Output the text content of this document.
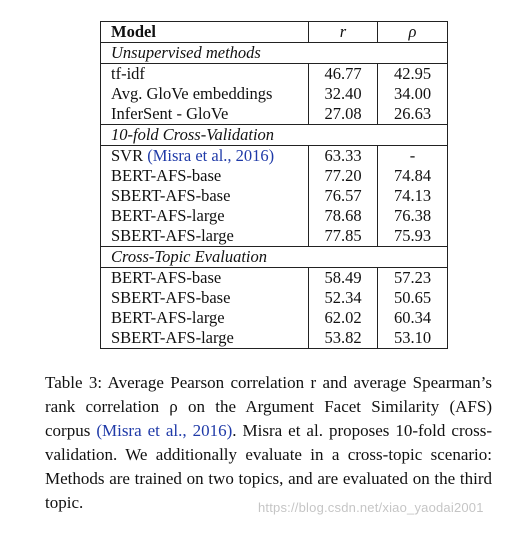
Model	r	ρ
Unsupervised methods		
tf-idf	46.77	42.95
Avg. GloVe embeddings	32.40	34.00
InferSent - GloVe	27.08	26.63
10-fold Cross-Validation		
SVR (Misra et al., 2016)	63.33	-
BERT-AFS-base	77.20	74.84
SBERT-AFS-base	76.57	74.13
BERT-AFS-large	78.68	76.38
SBERT-AFS-large	77.85	75.93
Cross-Topic Evaluation		
BERT-AFS-base	58.49	57.23
SBERT-AFS-base	52.34	50.65
BERT-AFS-large	62.02	60.34
SBERT-AFS-large	53.82	53.10
Table 3: Average Pearson correlation r and average Spearman’s rank correlation ρ on the Argument Facet Similarity (AFS) corpus (Misra et al., 2016). Misra et al. proposes 10-fold cross-validation. We additionally evaluate in a cross-topic scenario: Methods are trained on two topics, and are evaluated on the third topic.	https://blog.csdn.net/xiao_yaodai2001
